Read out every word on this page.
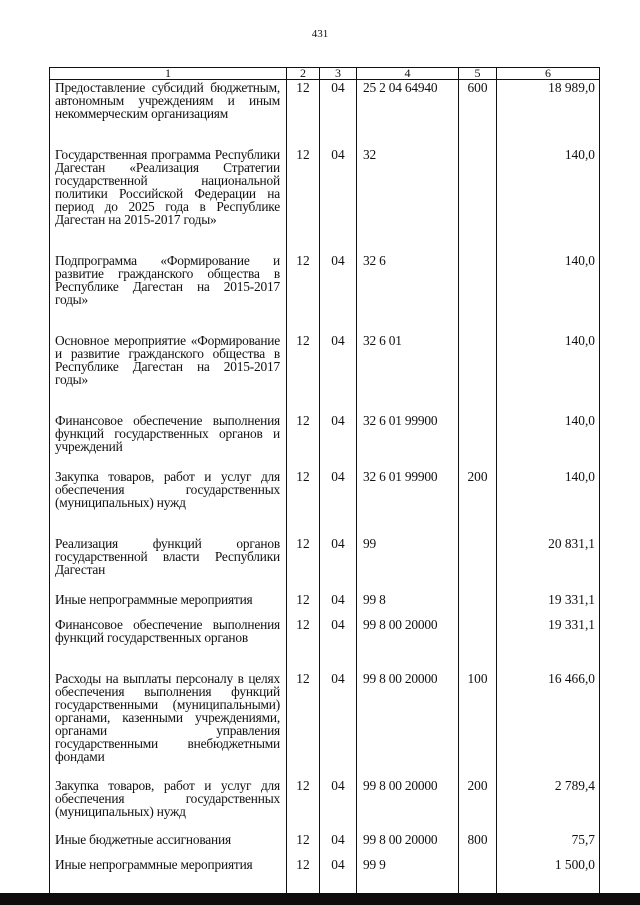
431
1	2	3	4	5	6
Предоставление субсидий бюджетным, автономным учреждениям и иным некоммерческим организациям	12	04	25 2 04 64940	600	18 989,0
Государственная программа Республики Дагестан «Реализация Стратегии государственной национальной политики Российской Федерации на период до 2025 года в Республике Дагестан на 2015-2017 годы»	12	04	32		140,0
Подпрограмма «Формирование и развитие гражданского общества в Республике Дагестан на 2015-2017 годы»	12	04	32 6		140,0
Основное мероприятие «Формирование и развитие гражданского общества в Республике Дагестан на 2015-2017 годы»	12	04	32 6 01		140,0
Финансовое обеспечение выполнения функций государственных органов и учреждений	12	04	32 6 01 99900		140,0
Закупка товаров, работ и услуг для обеспечения государственных (муниципальных) нужд	12	04	32 6 01 99900	200	140,0
Реализация функций органов государственной власти Республики Дагестан	12	04	99		20 831,1
Иные непрограммные мероприятия	12	04	99 8		19 331,1
Финансовое обеспечение выполнения функций государственных органов	12	04	99 8 00 20000		19 331,1
Расходы на выплаты персоналу в целях обеспечения выполнения функций государственными (муниципальными) органами, казенными учреждениями, органами управления государственными внебюджетными фондами	12	04	99 8 00 20000	100	16 466,0
Закупка товаров, работ и услуг для обеспечения государственных (муниципальных) нужд	12	04	99 8 00 20000	200	2 789,4
Иные бюджетные ассигнования	12	04	99 8 00 20000	800	75,7
Иные непрограммные мероприятия	12	04	99 9		1 500,0
